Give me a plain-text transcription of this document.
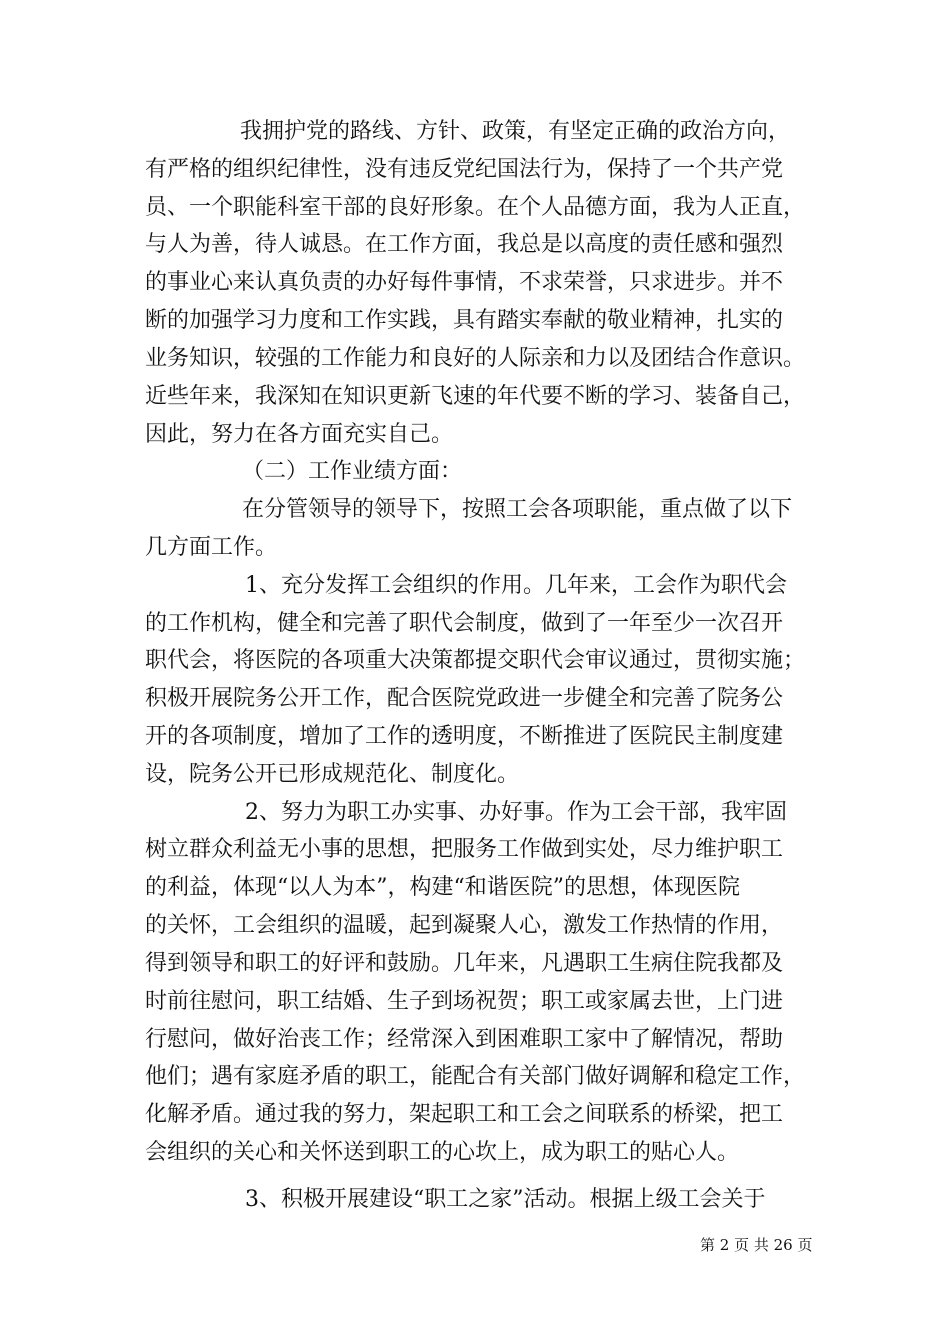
我拥护党的路线、方针、政策，有坚定正确的政治方向，
有严格的组织纪律性，没有违反党纪国法行为，保持了一个共产党
员、一个职能科室干部的良好形象。在个人品德方面，我为人正直，
与人为善，待人诚恳。在工作方面，我总是以高度的责任感和强烈
的事业心来认真负责的办好每件事情，不求荣誉，只求进步。并不
断的加强学习力度和工作实践，具有踏实奉献的敬业精神，扎实的
业务知识，较强的工作能力和良好的人际亲和力以及团结合作意识。
近些年来，我深知在知识更新飞速的年代要不断的学习、装备自己，
因此，努力在各方面充实自己。
（二）工作业绩方面：
在分管领导的领导下，按照工会各项职能，重点做了以下
几方面工作。
1、充分发挥工会组织的作用。几年来，工会作为职代会
的工作机构，健全和完善了职代会制度，做到了一年至少一次召开
职代会，将医院的各项重大决策都提交职代会审议通过，贯彻实施；
积极开展院务公开工作，配合医院党政进一步健全和完善了院务公
开的各项制度，增加了工作的透明度，不断推进了医院民主制度建
设，院务公开已形成规范化、制度化。
2、努力为职工办实事、办好事。作为工会干部，我牢固
树立群众利益无小事的思想，把服务工作做到实处，尽力维护职工
的利益，体现“以人为本”，构建“和谐医院”的思想，体现医院
的关怀，工会组织的温暖，起到凝聚人心，激发工作热情的作用，
得到领导和职工的好评和鼓励。几年来，凡遇职工生病住院我都及
时前往慰问，职工结婚、生子到场祝贺；职工或家属去世，上门进
行慰问，做好治丧工作；经常深入到困难职工家中了解情况，帮助
他们；遇有家庭矛盾的职工，能配合有关部门做好调解和稳定工作，
化解矛盾。通过我的努力，架起职工和工会之间联系的桥梁，把工
会组织的关心和关怀送到职工的心坎上，成为职工的贴心人。
3、积极开展建设“职工之家”活动。根据上级工会关于
第 2 页 共 26 页
